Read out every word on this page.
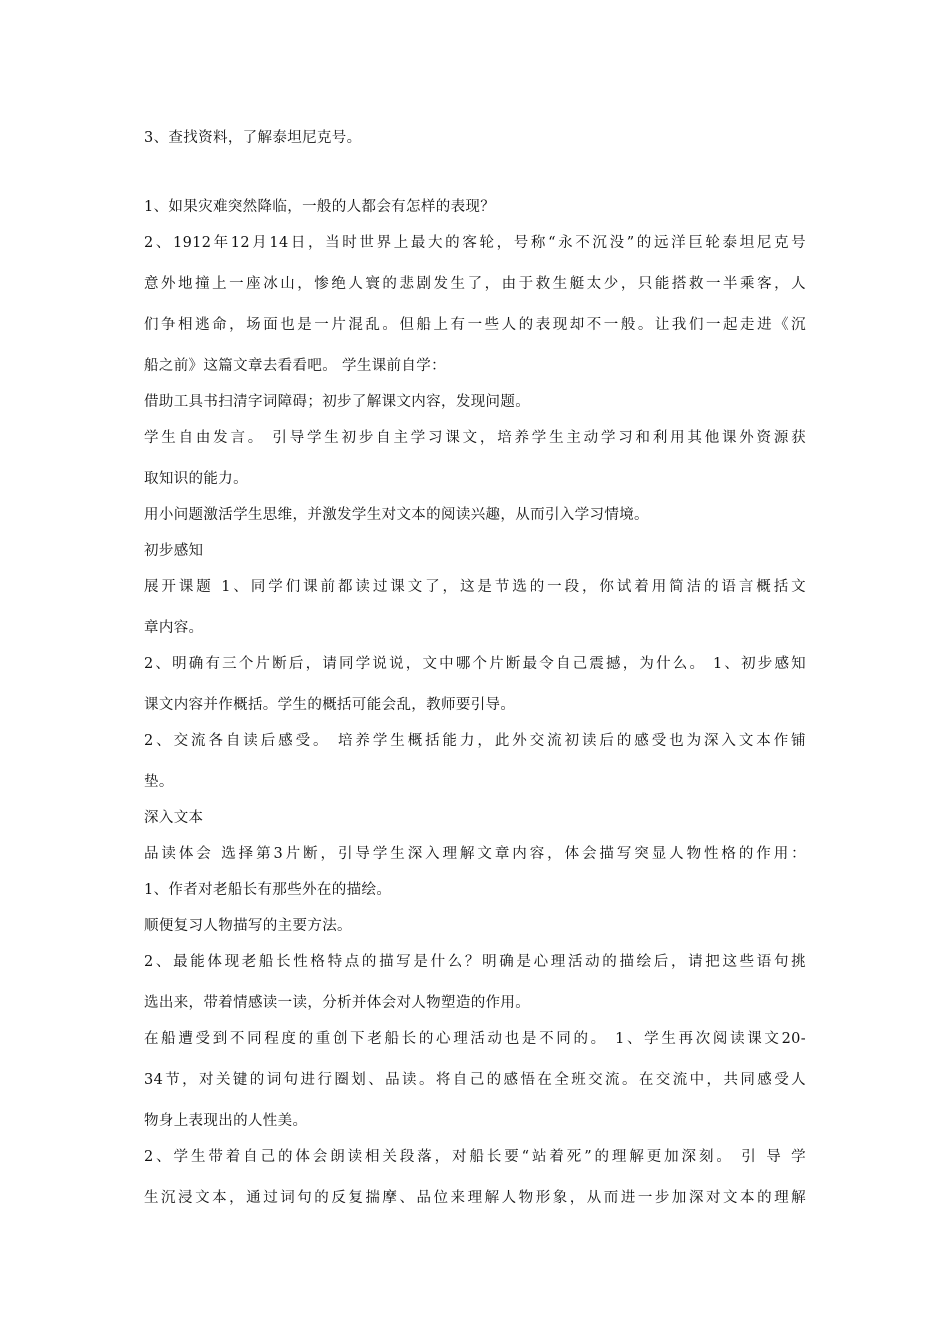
3、查找资料，了解泰坦尼克号。
1、如果灾难突然降临，一般的人都会有怎样的表现？
2、1912年12月14日，当时世界上最大的客轮，号称“永不沉没”的远洋巨轮泰坦尼克号
意外地撞上一座冰山，惨绝人寰的悲剧发生了，由于救生艇太少，只能搭救一半乘客，人
们争相逃命，场面也是一片混乱。但船上有一些人的表现却不一般。让我们一起走进《沉
船之前》这篇文章去看看吧。 学生课前自学：
借助工具书扫清字词障碍；初步了解课文内容，发现问题。
学生自由发言。 引导学生初步自主学习课文，培养学生主动学习和利用其他课外资源获
取知识的能力。
用小问题激活学生思维，并激发学生对文本的阅读兴趣，从而引入学习情境。
初步感知
展开课题 1、同学们课前都读过课文了，这是节选的一段，你试着用简洁的语言概括文
章内容。
2、明确有三个片断后，请同学说说，文中哪个片断最令自己震撼，为什么。 1、初步感知
课文内容并作概括。学生的概括可能会乱，教师要引导。
2、交流各自读后感受。 培养学生概括能力，此外交流初读后的感受也为深入文本作铺
垫。
深入文本
品读体会 选择第3片断，引导学生深入理解文章内容，体会描写突显人物性格的作用：
1、作者对老船长有那些外在的描绘。
顺便复习人物描写的主要方法。
2、最能体现老船长性格特点的描写是什么？明确是心理活动的描绘后，请把这些语句挑
选出来，带着情感读一读，分析并体会对人物塑造的作用。
在船遭受到不同程度的重创下老船长的心理活动也是不同的。 1、学生再次阅读课文20-
34节，对关键的词句进行圈划、品读。将自己的感悟在全班交流。在交流中，共同感受人
物身上表现出的人性美。
2、学生带着自己的体会朗读相关段落，对船长要“站着死”的理解更加深刻。 引 导 学
生沉浸文本，通过词句的反复揣摩、品位来理解人物形象，从而进一步加深对文本的理解
